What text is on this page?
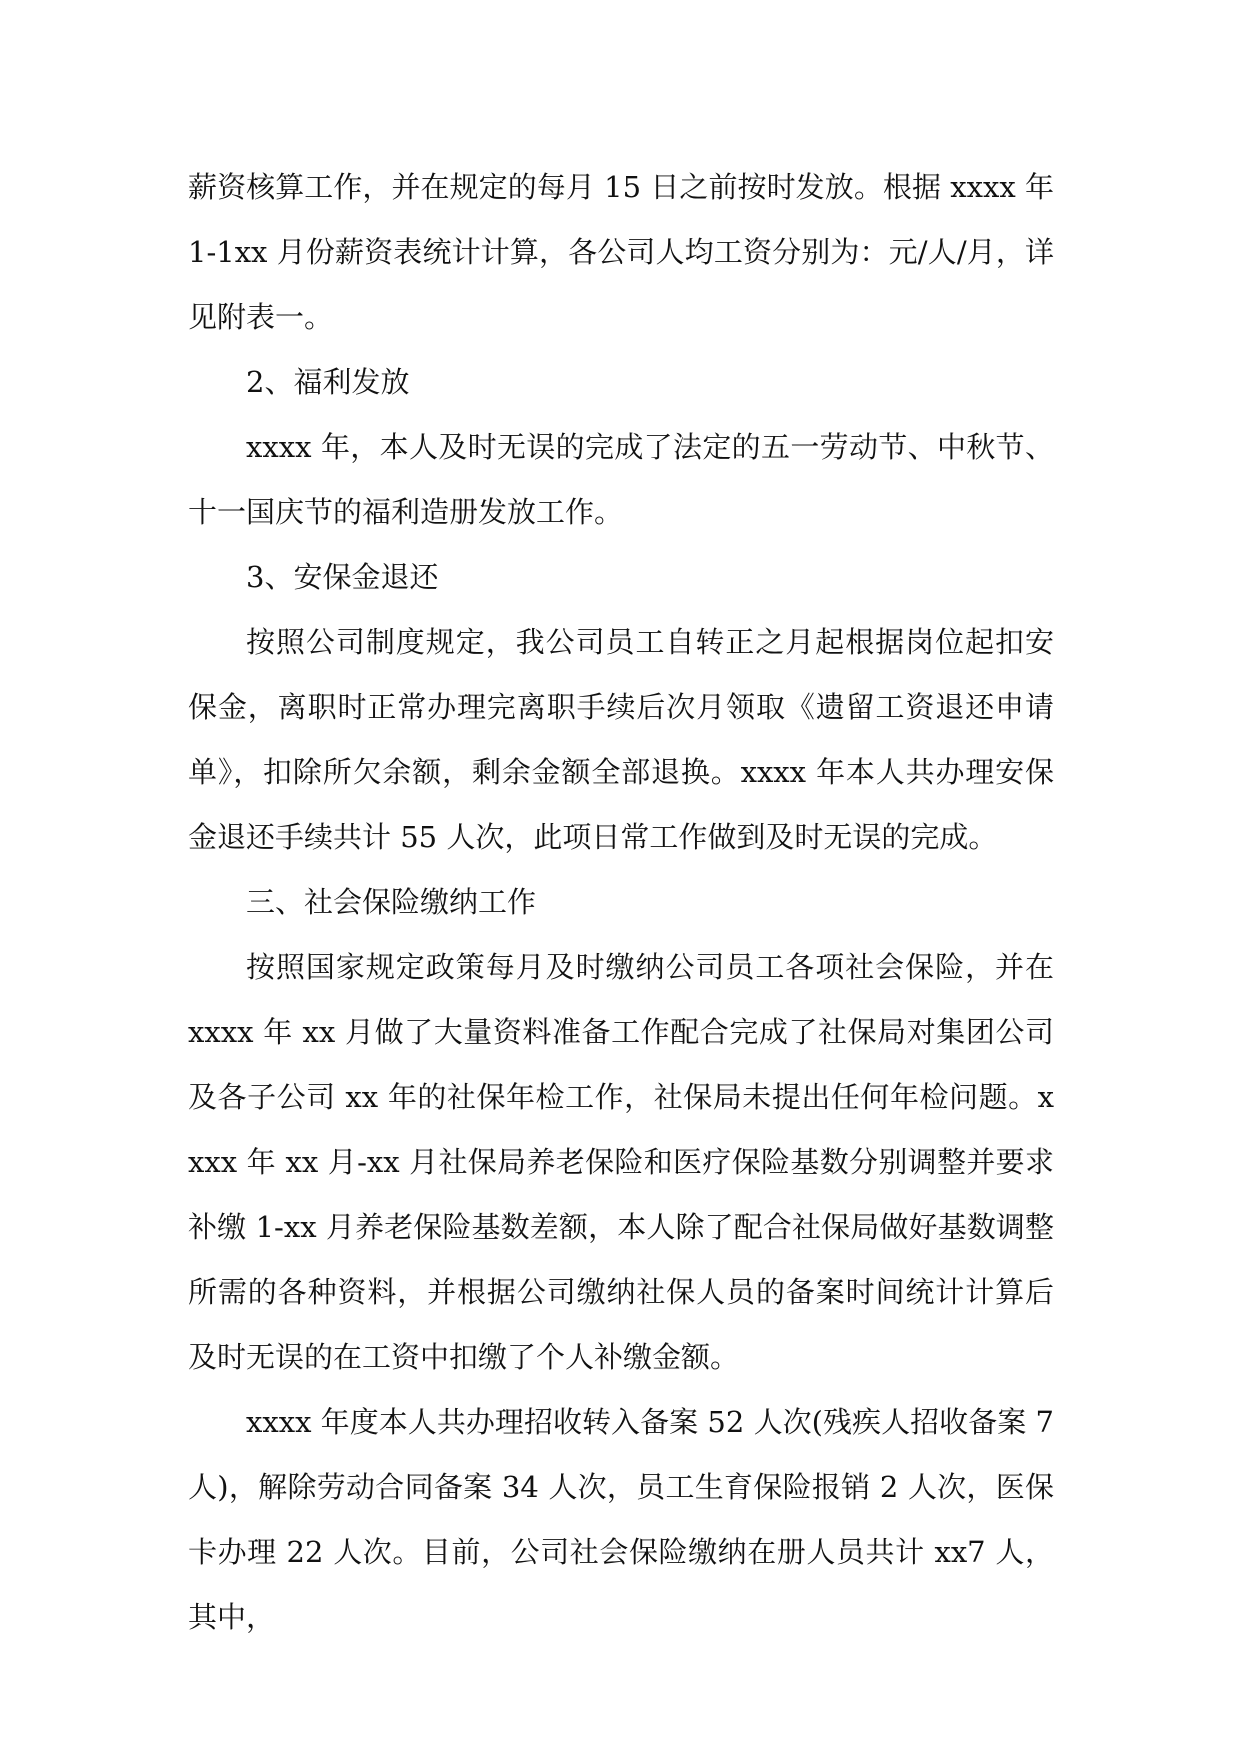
薪资核算工作，并在规定的每月 15 日之前按时发放。根据 xxxx 年 1-1xx 月份薪资表统计计算，各公司人均工资分别为：元/人/月，详见附表一。

2、福利发放

xxxx 年，本人及时无误的完成了法定的五一劳动节、中秋节、十一国庆节的福利造册发放工作。

3、安保金退还

按照公司制度规定，我公司员工自转正之月起根据岗位起扣安保金，离职时正常办理完离职手续后次月领取《遗留工资退还申请单》，扣除所欠余额，剩余金额全部退换。xxxx 年本人共办理安保金退还手续共计 55 人次，此项日常工作做到及时无误的完成。

三、社会保险缴纳工作

按照国家规定政策每月及时缴纳公司员工各项社会保险，并在 xxxx 年 xx 月做了大量资料准备工作配合完成了社保局对集团公司及各子公司 xx 年的社保年检工作，社保局未提出任何年检问题。xxxx 年 xx 月-xx 月社保局养老保险和医疗保险基数分别调整并要求补缴 1-xx 月养老保险基数差额，本人除了配合社保局做好基数调整所需的各种资料，并根据公司缴纳社保人员的备案时间统计计算后及时无误的在工资中扣缴了个人补缴金额。

xxxx 年度本人共办理招收转入备案 52 人次(残疾人招收备案 7 人)，解除劳动合同备案 34 人次，员工生育保险报销 2 人次，医保卡办理 22 人次。目前，公司社会保险缴纳在册人员共计 xx7 人，其中，
